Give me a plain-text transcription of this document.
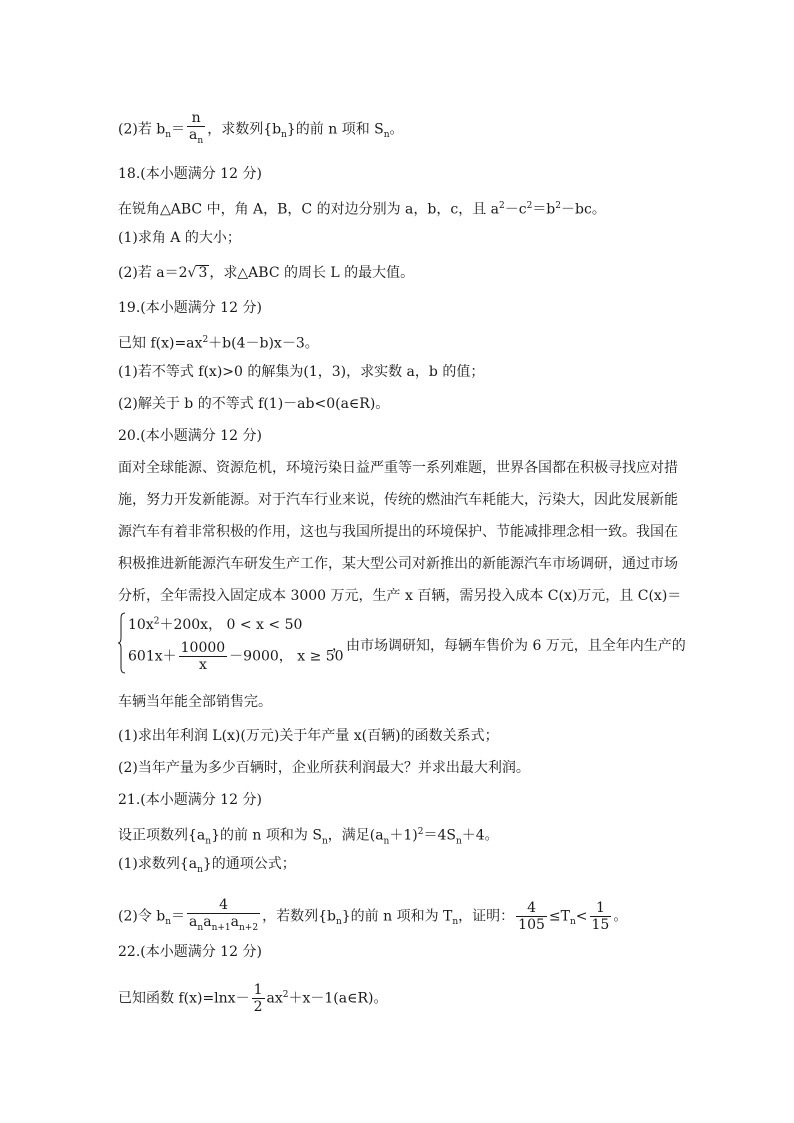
(2)若 $b_n= \frac{n}{a_n}$ ，求数列$\{b_n\}$的前 n 项和 $S_n$。
18.(本小题满分 12 分)
在锐角△ABC 中，角 A，B，C 的对边分别为 a，b，c，且 $a^2-c^2=b^2-bc$。
(1)求角 A 的大小；
(2)若 a＝2√ 3 ，求△ABC 的周长 L 的最大值。
19.(本小题满分 12 分)
已知 $f(x)=ax^2+b(4-b)x-3$。
(1)若不等式 f(x)>0 的解集为(1，3)，求实数 a，b 的值；
(2)解关于 b 的不等式 f(1)－ab<0(a∈R)。
20.(本小题满分 12 分)
面对全球能源、资源危机，环境污染日益严重等一系列难题，世界各国都在积极寻找应对措
施，努力开发新能源。对于汽车行业来说，传统的燃油汽车耗能大，污染大，因此发展新能
源汽车有着非常积极的作用，这也与我国所提出的环境保护、节能减排理念相一致。我国在
积极推进新能源汽车研发生产工作，某大型公司对新推出的新能源汽车市场调研，通过市场
分析，全年需投入固定成本 3000 万元，生产 x 百辆，需另投入成本 C(x)万元，且 C(x)＝
$10x^2+200x$， 0 < x < 50
$601x+ \frac{10000}{x} -9000$， x ≥ 50
，由市场调研知，每辆车售价为 6 万元，且全年内生产的
车辆当年能全部销售完。
(1)求出年利润 L(x)(万元)关于年产量 x(百辆)的函数关系式；
(2)当年产量为多少百辆时，企业所获利润最大？并求出最大利润。
21.(本小题满分 12 分)
设正项数列$\{a_n\}$的前 n 项和为 $S_n$，满足$(a_n+1)^2=4S_n+4$。
(1)求数列$\{a_n\}$的通项公式；
(2)令 $b_n= \frac{4}{a_na_{n+1}a_{n+2}}$ ，若数列$\{b_n\}$的前 n 项和为 $T_n$，证明： $\frac{4}{105} \le T_n< \frac{1}{15}$ 。
22.(本小题满分 12 分)
已知函数 $f(x)=\ln x- \frac{1}{2}$ $ax^2+x-1(a\in R)$。
